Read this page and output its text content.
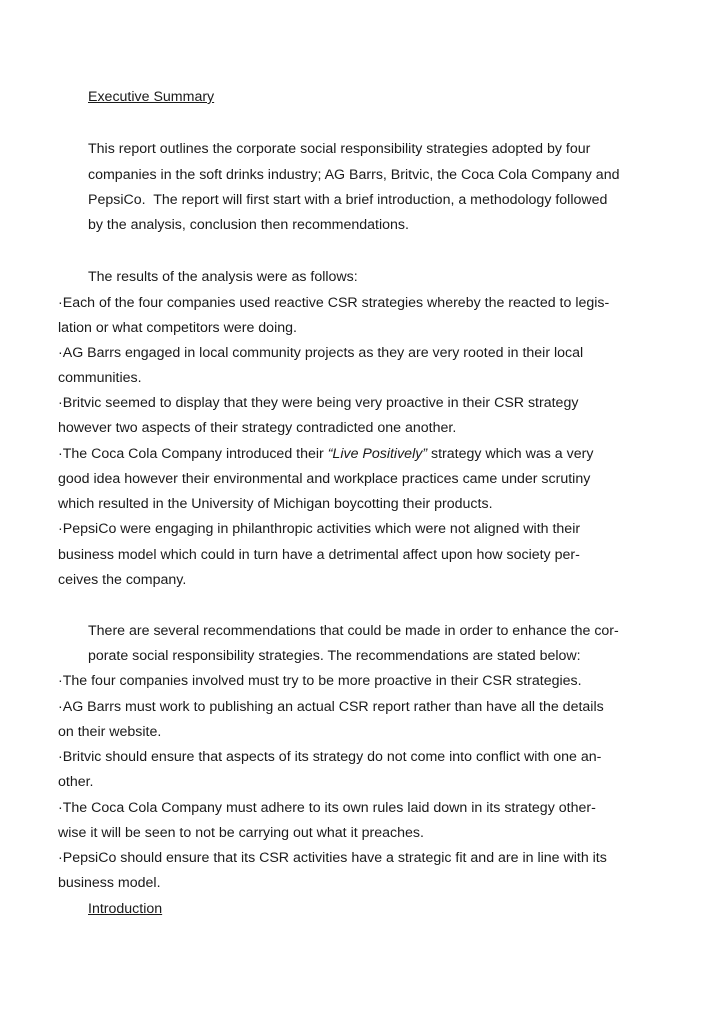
Executive Summary
This report outlines the corporate social responsibility strategies adopted by four
companies in the soft drinks industry; AG Barrs, Britvic, the Coca Cola Company and
PepsiCo.  The report will first start with a brief introduction, a methodology followed
by the analysis, conclusion then recommendations.
The results of the analysis were as follows:
·Each of the four companies used reactive CSR strategies whereby the reacted to legis-
lation or what competitors were doing.
·AG Barrs engaged in local community projects as they are very rooted in their local
communities.
·Britvic seemed to display that they were being very proactive in their CSR strategy
however two aspects of their strategy contradicted one another.
·The Coca Cola Company introduced their “Live Positively” strategy which was a very
good idea however their environmental and workplace practices came under scrutiny
which resulted in the University of Michigan boycotting their products.
·PepsiCo were engaging in philanthropic activities which were not aligned with their
business model which could in turn have a detrimental affect upon how society per-
ceives the company.
There are several recommendations that could be made in order to enhance the cor-
porate social responsibility strategies. The recommendations are stated below:
·The four companies involved must try to be more proactive in their CSR strategies.
·AG Barrs must work to publishing an actual CSR report rather than have all the details
on their website.
·Britvic should ensure that aspects of its strategy do not come into conflict with one an-
other.
·The Coca Cola Company must adhere to its own rules laid down in its strategy other-
wise it will be seen to not be carrying out what it preaches.
·PepsiCo should ensure that its CSR activities have a strategic fit and are in line with its
business model.
Introduction
